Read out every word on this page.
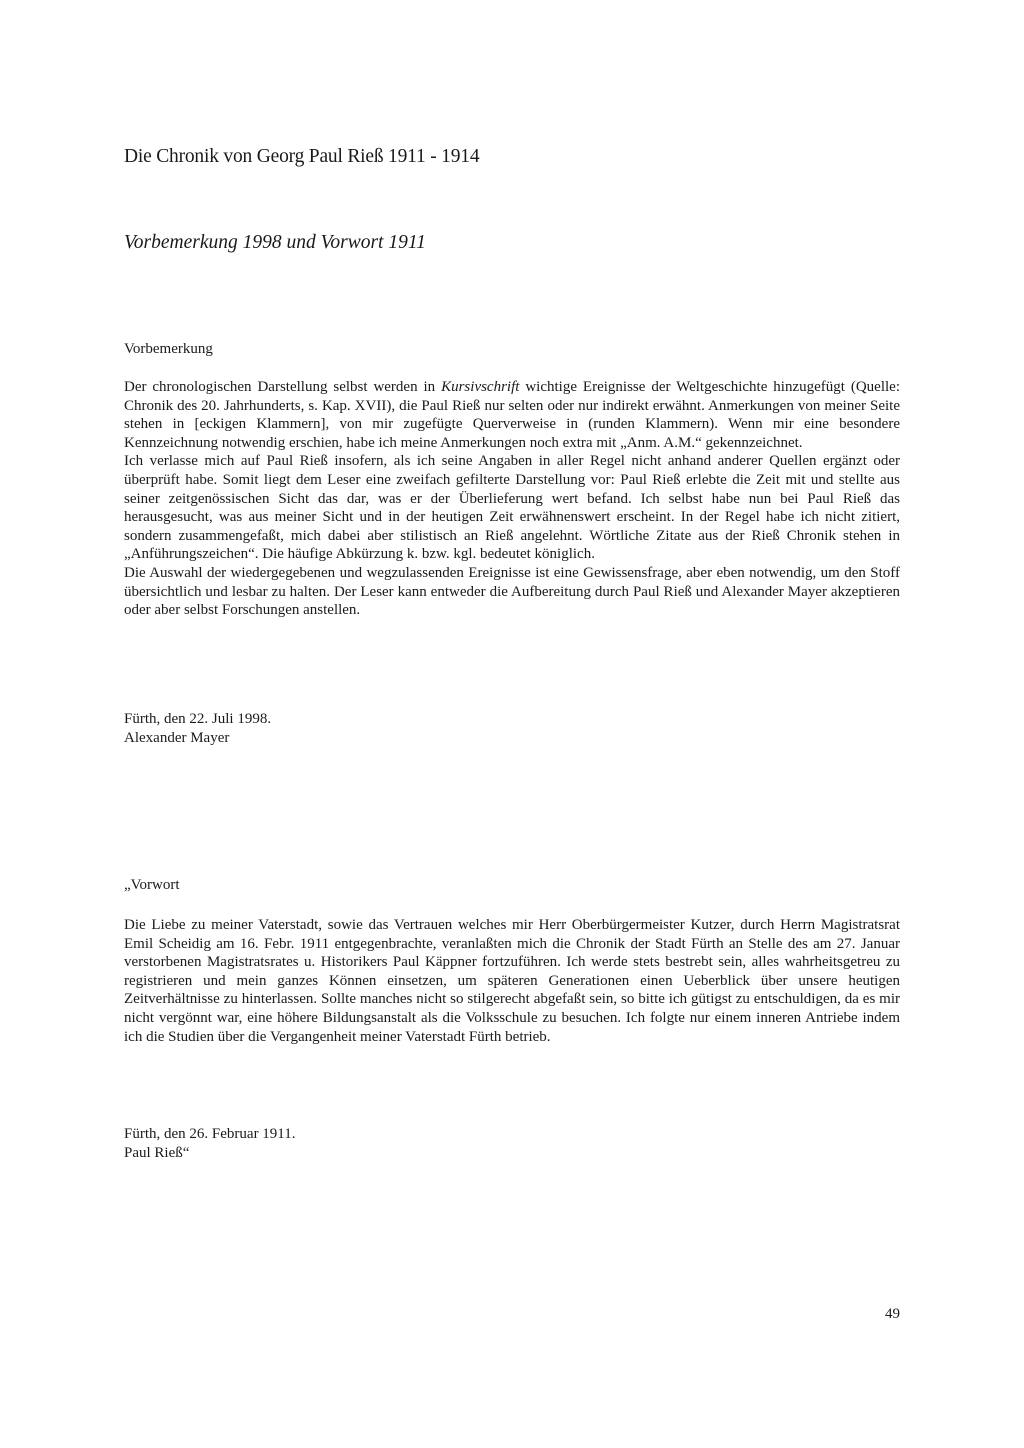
Die Chronik von Georg Paul Rieß 1911 - 1914
Vorbemerkung 1998 und Vorwort 1911
Vorbemerkung

Der chronologischen Darstellung selbst werden in Kursivschrift wichtige Ereignisse der Weltgeschichte hinzugefügt (Quelle: Chronik des 20. Jahrhunderts, s. Kap. XVII), die Paul Rieß nur selten oder nur indirekt erwähnt. Anmerkungen von meiner Seite stehen in [eckigen Klammern], von mir zugefügte Querverweise in (runden Klammern). Wenn mir eine besondere Kennzeichnung notwendig erschien, habe ich meine Anmerkungen noch extra mit „Anm. A.M.“ gekennzeichnet.

Ich verlasse mich auf Paul Rieß insofern, als ich seine Angaben in aller Regel nicht anhand anderer Quellen ergänzt oder überprüft habe. Somit liegt dem Leser eine zweifach gefilterte Darstellung vor: Paul Rieß erlebte die Zeit mit und stellte aus seiner zeitgenössischen Sicht das dar, was er der Überlieferung wert befand. Ich selbst habe nun bei Paul Rieß das herausgesucht, was aus meiner Sicht und in der heutigen Zeit erwähnenswert erscheint. In der Regel habe ich nicht zitiert, sondern zusammengefaßt, mich dabei aber stilistisch an Rieß angelehnt. Wörtliche Zitate aus der Rieß Chronik stehen in „Anführungszeichen“. Die häufige Abkürzung k. bzw. kgl. bedeutet königlich.

Die Auswahl der wiedergegebenen und wegzulassenden Ereignisse ist eine Gewissensfrage, aber eben notwendig, um den Stoff übersichtlich und lesbar zu halten. Der Leser kann entweder die Aufbereitung durch Paul Rieß und Alexander Mayer akzeptieren oder aber selbst Forschungen anstellen.

Fürth, den 22. Juli 1998.
Alexander Mayer
„Vorwort

Die Liebe zu meiner Vaterstadt, sowie das Vertrauen welches mir Herr Oberbürgermeister Kutzer, durch Herrn Magistratsrat Emil Scheidig am 16. Febr. 1911 entgegenbrachte, veranlaßten mich die Chronik der Stadt Fürth an Stelle des am 27. Januar verstorbenen Magistratsrates u. Historikers Paul Käppner fortzuführen. Ich werde stets bestrebt sein, alles wahrheitsgetreu zu registrieren und mein ganzes Können einsetzen, um späteren Generationen einen Ueberblick über unsere heutigen Zeitverhältnisse zu hinterlassen. Sollte manches nicht so stilgerecht abgefaßt sein, so bitte ich gütigst zu entschuldigen, da es mir nicht vergönnt war, eine höhere Bildungsanstalt als die Volksschule zu besuchen. Ich folgte nur einem inneren Antriebe indem ich die Studien über die Vergangenheit meiner Vaterstadt Fürth betrieb.

Fürth, den 26. Februar 1911.
Paul Rieß“
49
